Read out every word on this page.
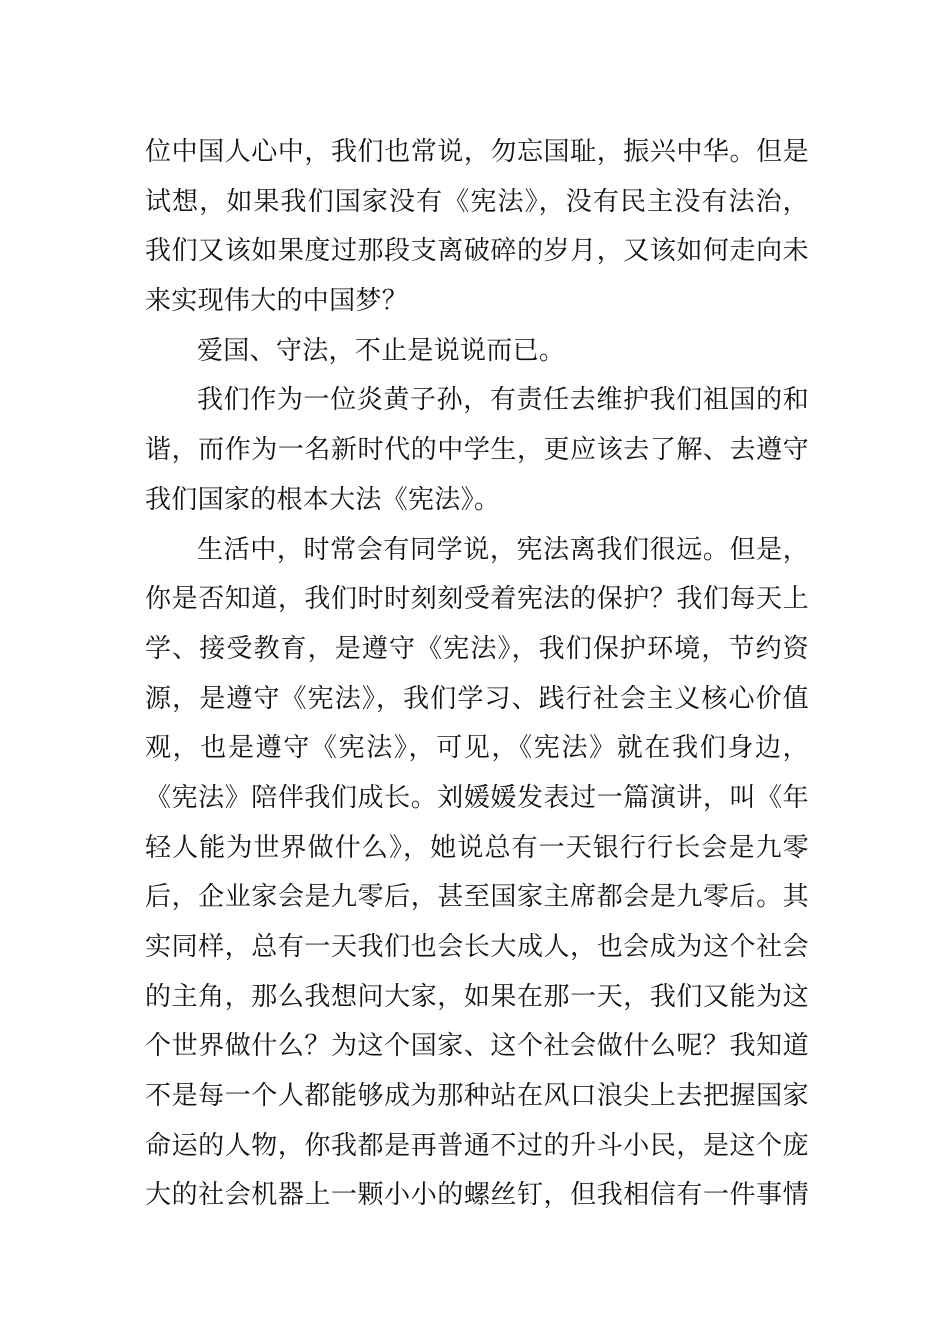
位中国人心中，我们也常说，勿忘国耻，振兴中华。但是
试想，如果我们国家没有《宪法》，没有民主没有法治，
我们又该如果度过那段支离破碎的岁月，又该如何走向未
来实现伟大的中国梦？
爱国、守法，不止是说说而已。
我们作为一位炎黄子孙，有责任去维护我们祖国的和
谐，而作为一名新时代的中学生，更应该去了解、去遵守
我们国家的根本大法《宪法》。
生活中，时常会有同学说，宪法离我们很远。但是，
你是否知道，我们时时刻刻受着宪法的保护？我们每天上
学、接受教育，是遵守《宪法》，我们保护环境，节约资
源，是遵守《宪法》，我们学习、践行社会主义核心价值
观，也是遵守《宪法》，可见，《宪法》就在我们身边，
《宪法》陪伴我们成长。刘媛媛发表过一篇演讲，叫《年
轻人能为世界做什么》，她说总有一天银行行长会是九零
后，企业家会是九零后，甚至国家主席都会是九零后。其
实同样，总有一天我们也会长大成人，也会成为这个社会
的主角，那么我想问大家，如果在那一天，我们又能为这
个世界做什么？为这个国家、这个社会做什么呢？我知道
不是每一个人都能够成为那种站在风口浪尖上去把握国家
命运的人物，你我都是再普通不过的升斗小民，是这个庞
大的社会机器上一颗小小的螺丝钉，但我相信有一件事情
